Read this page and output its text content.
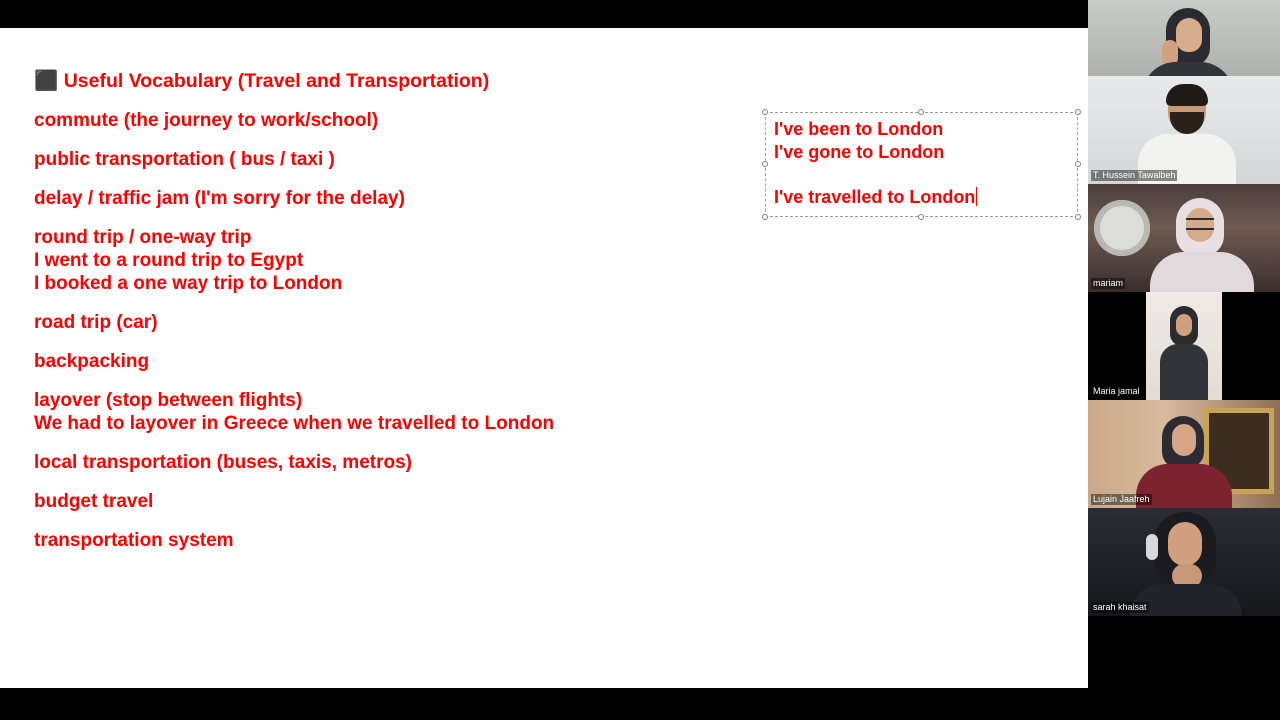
⬛ Useful Vocabulary (Travel and Transportation)
commute (the journey to work/school)
public transportation ( bus / taxi )
delay / traffic jam (I'm sorry for the delay)
round trip / one-way trip
I went to a round trip to Egypt
I booked a one way trip to London
road trip (car)
backpacking
layover (stop between flights)
We had to layover in Greece when we travelled to London
local transportation (buses, taxis, metros)
budget travel
transportation system
I've been to London
I've gone to London
I've travelled to London
T. Hussein Tawalbeh
mariam
Maria jamal
Lujain Jaafreh
sarah khaisat
